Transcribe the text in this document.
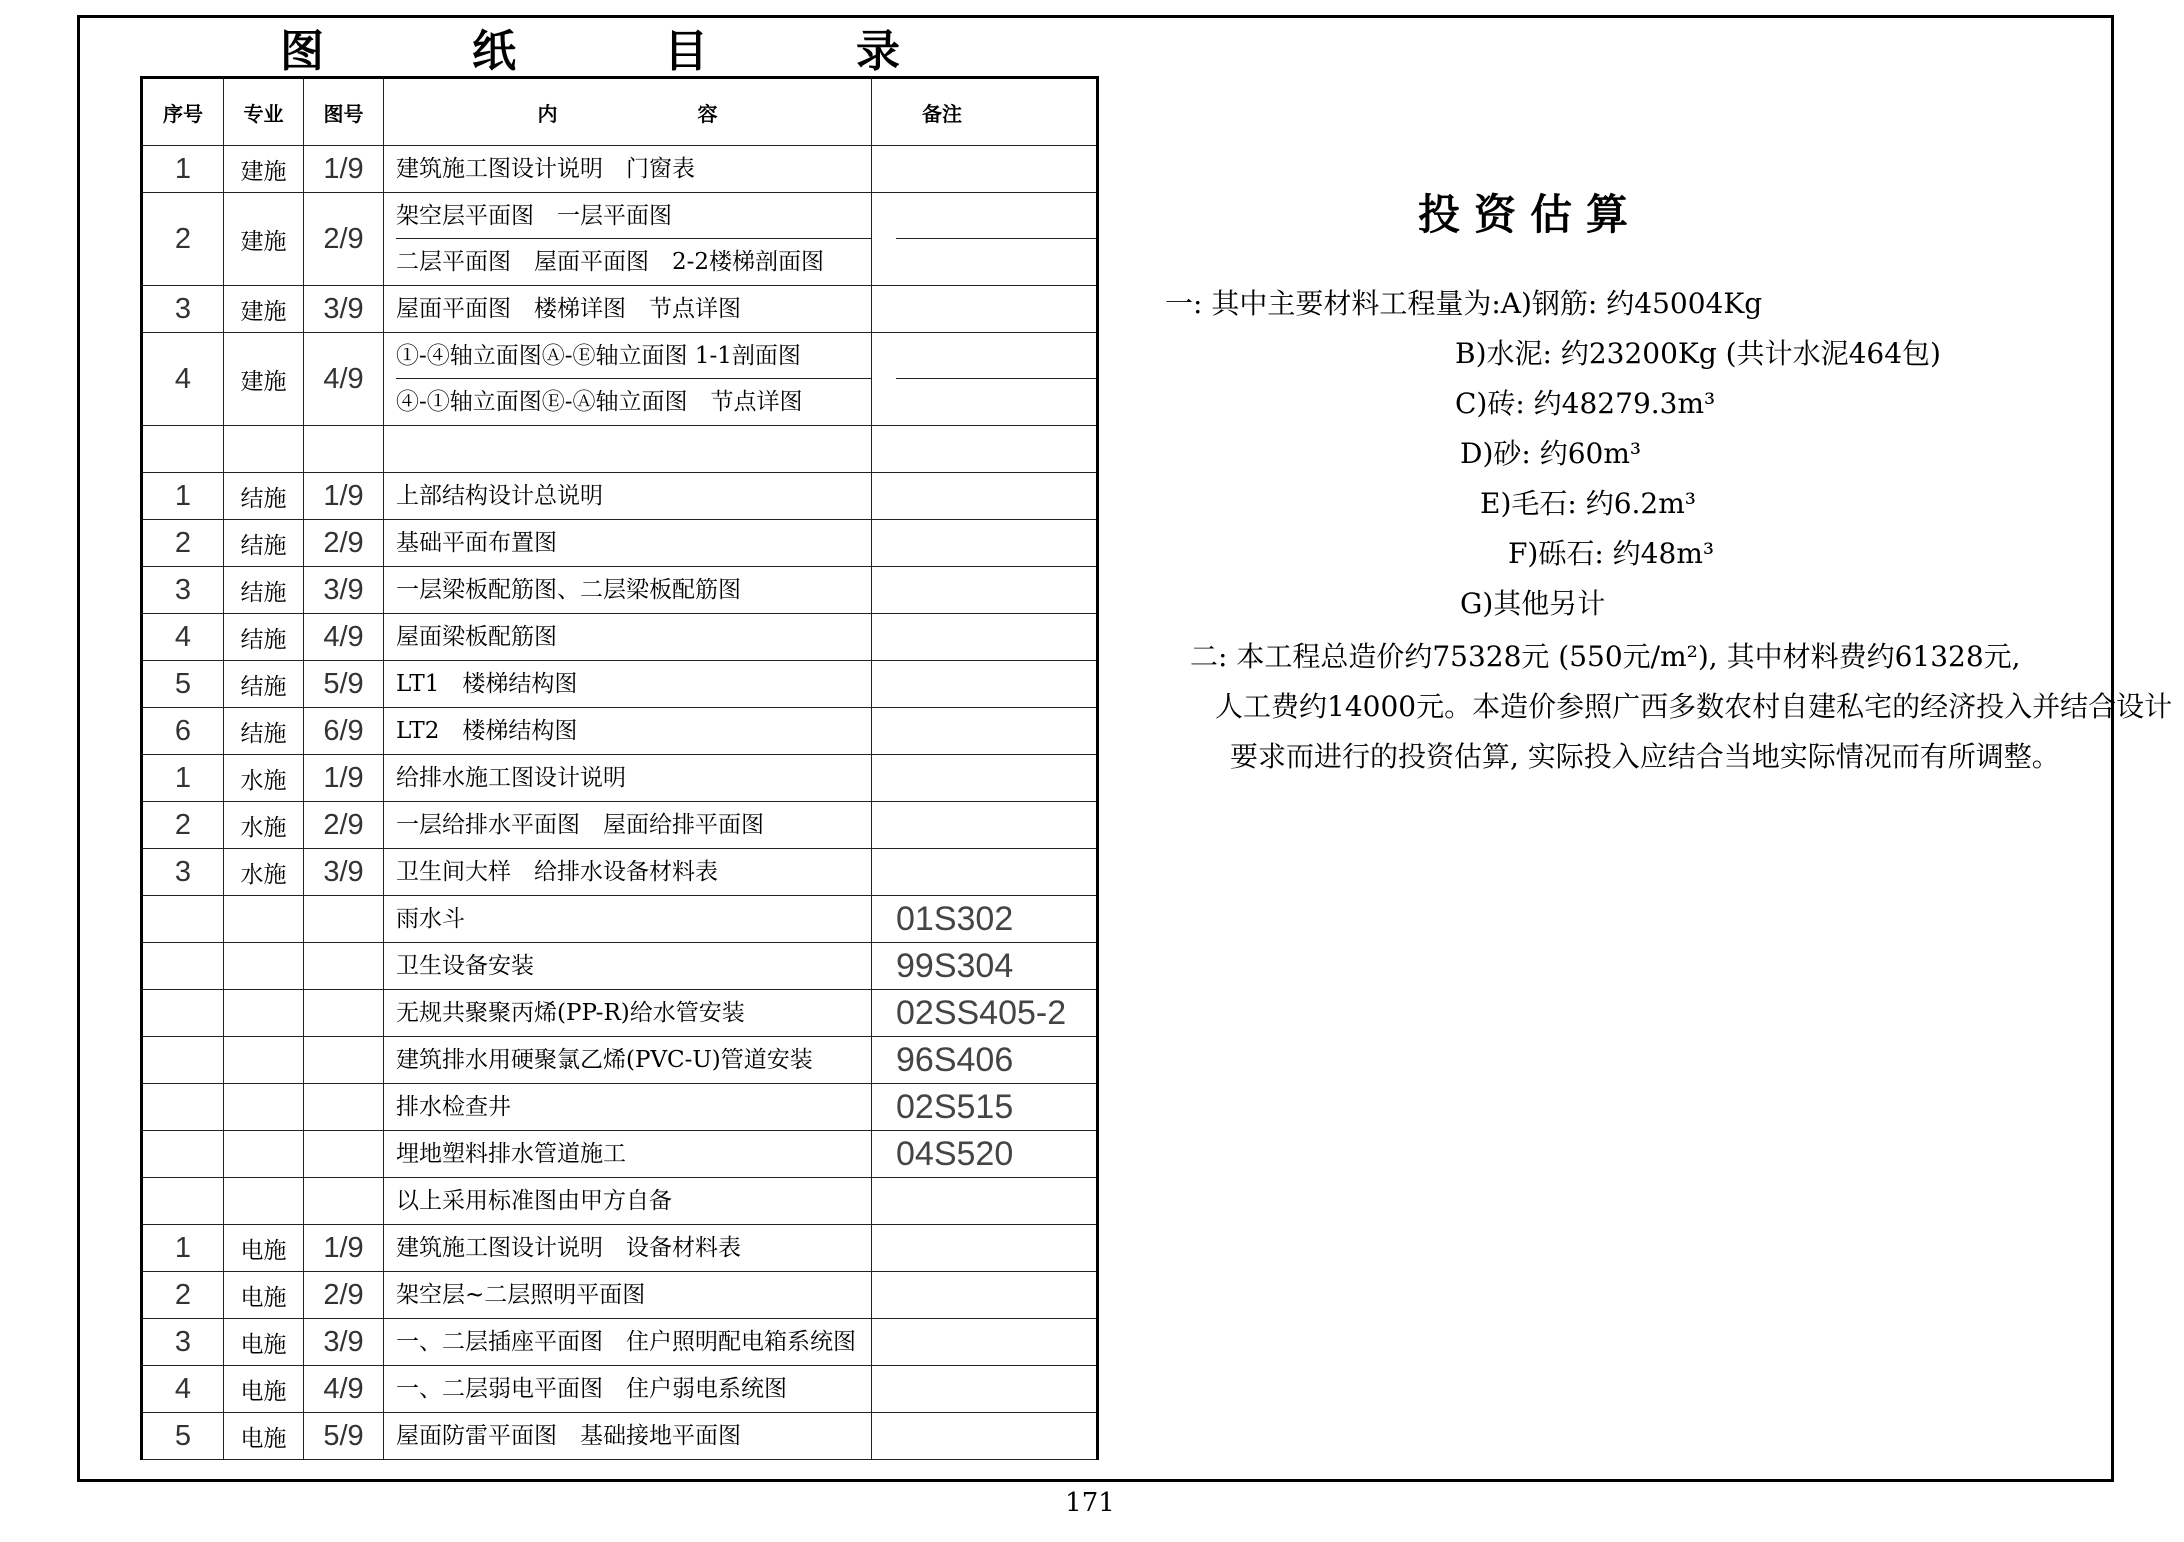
图	纸	目	录
序号	专业	图号	内 容	备注
1	建施	1/9	建筑施工图设计说明　门窗表	

2	建施	2/9	架空层平面图　一层平面图
二层平面图　屋面平面图　2-2楼梯剖面图	

3	建施	3/9	屋面平面图　楼梯详图　节点详图	

4	建施	4/9	①-④轴立面图Ⓐ-Ⓔ轴立面图 1-1剖面图
④-①轴立面图Ⓔ-Ⓐ轴立面图　节点详图	

1	结施	1/9	上部结构设计总说明	

2	结施	2/9	基础平面布置图	

3	结施	3/9	一层梁板配筋图、二层梁板配筋图	

4	结施	4/9	屋面梁板配筋图	

5	结施	5/9	LT1　楼梯结构图	

6	结施	6/9	LT2　楼梯结构图	

1	水施	1/9	给排水施工图设计说明	

2	水施	2/9	一层给排水平面图　屋面给排平面图	

3	水施	3/9	卫生间大样　给排水设备材料表	

			雨水斗	01S302

			卫生设备安装	99S304

			无规共聚聚丙烯(PP-R)给水管安装	02SS405-2

			建筑排水用硬聚氯乙烯(PVC-U)管道安装	96S406

			排水检查井	02S515

			埋地塑料排水管道施工	04S520

			以上采用标准图由甲方自备	

1	电施	1/9	建筑施工图设计说明　设备材料表	

2	电施	2/9	架空层~二层照明平面图	

3	电施	3/9	一、二层插座平面图　住户照明配电箱系统图	

4	电施	4/9	一、二层弱电平面图　住户弱电系统图	

5	电施	5/9	屋面防雷平面图　基础接地平面图	

171
投资估算
一: 其中主要材料工程量为:A)钢筋: 约45004Kg
B)水泥: 约23200Kg (共计水泥464包)
C)砖: 约48279.3m³
D)砂: 约60m³
E)毛石: 约6.2m³
F)砾石: 约48m³
G)其他另计
二: 本工程总造价约75328元 (550元/m²), 其中材料费约61328元,
人工费约14000元。本造价参照广西多数农村自建私宅的经济投入并结合设计
要求而进行的投资估算, 实际投入应结合当地实际情况而有所调整。
